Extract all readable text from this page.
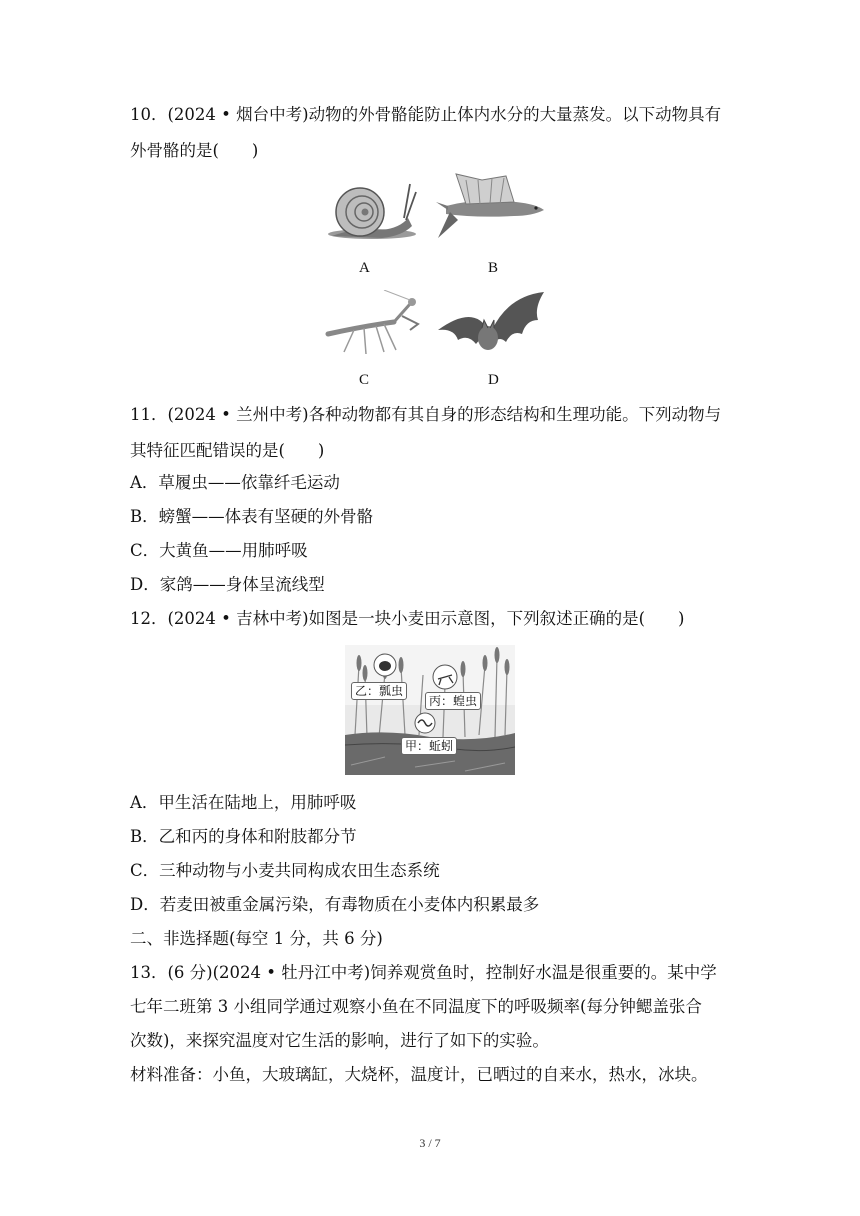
10．(2024 • 烟台中考)动物的外骨骼能防止体内水分的大量蒸发。以下动物具有
外骨骼的是(　　)
A	B
C	D
11．(2024 • 兰州中考)各种动物都有其自身的形态结构和生理功能。下列动物与
其特征匹配错误的是(　　)
A．草履虫——依靠纤毛运动
B．螃蟹——体表有坚硬的外骨骼
C．大黄鱼——用肺呼吸
D．家鸽——身体呈流线型
12．(2024 • 吉林中考)如图是一块小麦田示意图，下列叙述正确的是(　　)
乙：瓢虫
丙：蝗虫
甲：蚯蚓
A．甲生活在陆地上，用肺呼吸
B．乙和丙的身体和附肢都分节
C．三种动物与小麦共同构成农田生态系统
D．若麦田被重金属污染，有毒物质在小麦体内积累最多
二、非选择题(每空 1 分，共 6 分)
13．(6 分)(2024 • 牡丹江中考)饲养观赏鱼时，控制好水温是很重要的。某中学
七年二班第 3 小组同学通过观察小鱼在不同温度下的呼吸频率(每分钟鳃盖张合
次数)，来探究温度对它生活的影响，进行了如下的实验。
材料准备：小鱼，大玻璃缸，大烧杯，温度计，已晒过的自来水，热水，冰块。
3 / 7
